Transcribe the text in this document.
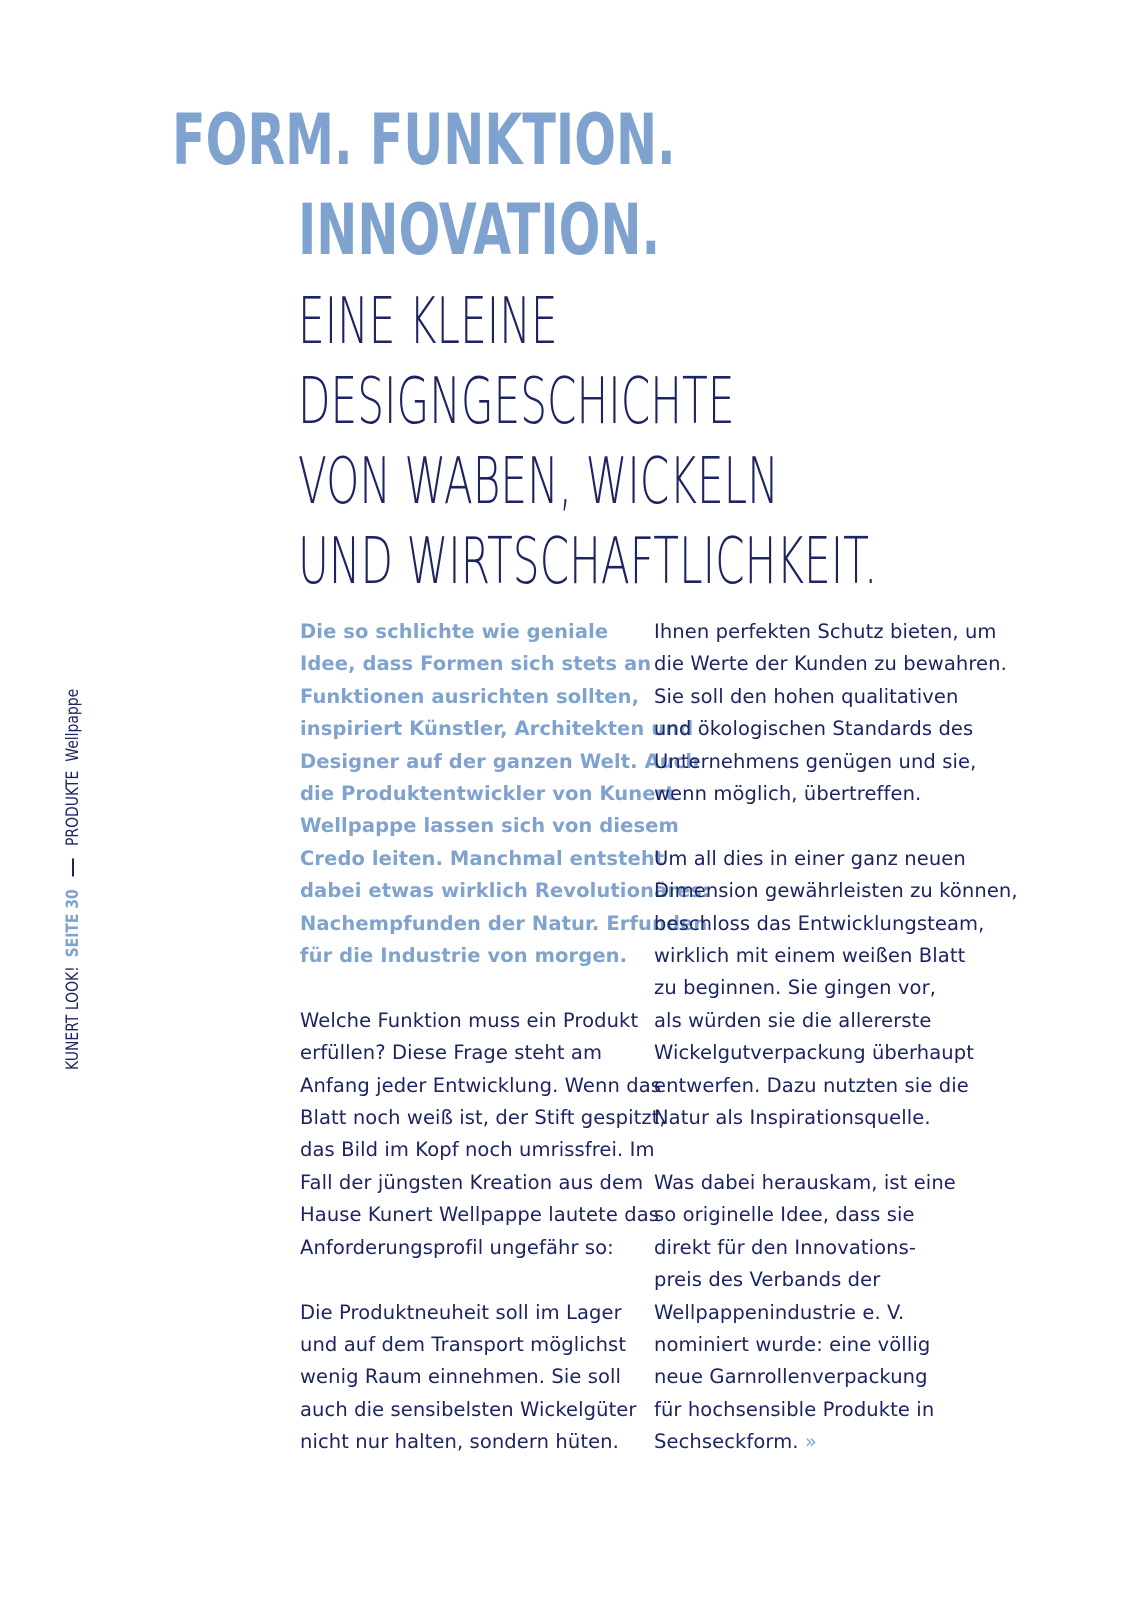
FORM. FUNKTION.
INNOVATION.
EINE KLEINE
DESIGNGESCHICHTE
VON WABEN, WICKELN
UND WIRTSCHAFTLICHKEIT.
Die so schlichte wie geniale
Idee, dass Formen sich stets an
Funktionen ausrichten sollten,
inspiriert Künstler, Architekten und
Designer auf der ganzen Welt. Auch
die Produktentwickler von Kunert
Wellpappe lassen sich von diesem
Credo leiten. Manchmal entsteht
dabei etwas wirklich Revolutionäres:
Nachempfunden der Natur. Erfunden
für die Industrie von morgen.
Welche Funktion muss ein Produkt
erfüllen? Diese Frage steht am
Anfang jeder Entwicklung. Wenn das
Blatt noch weiß ist, der Stift gespitzt,
das Bild im Kopf noch umrissfrei. Im
Fall der jüngsten Kreation aus dem
Hause Kunert Wellpappe lautete das
Anforderungsprofil ungefähr so:
Die Produktneuheit soll im Lager
und auf dem Transport möglichst
wenig Raum einnehmen. Sie soll
auch die sensibelsten Wickelgüter
nicht nur halten, sondern hüten.
Ihnen perfekten Schutz bieten, um
die Werte der Kunden zu bewahren.
Sie soll den hohen qualitativen
und ökologischen Standards des
Unternehmens genügen und sie,
wenn möglich, übertreffen.
Um all dies in einer ganz neuen
Dimension gewährleisten zu können,
beschloss das Entwicklungsteam,
wirklich mit einem weißen Blatt
zu beginnen. Sie gingen vor,
als würden sie die allererste
Wickelgutverpackung überhaupt
entwerfen. Dazu nutzten sie die
Natur als Inspirationsquelle.
Was dabei herauskam, ist eine
so originelle Idee, dass sie
direkt für den Innovations-
preis des Verbands der
Wellpappenindustrie e. V.
nominiert wurde: eine völlig
neue Garnrollenverpackung
für hochsensible Produkte in
Sechseckform. »
KUNERT LOOK!  SEITE 30  PRODUKTE  Wellpappe
